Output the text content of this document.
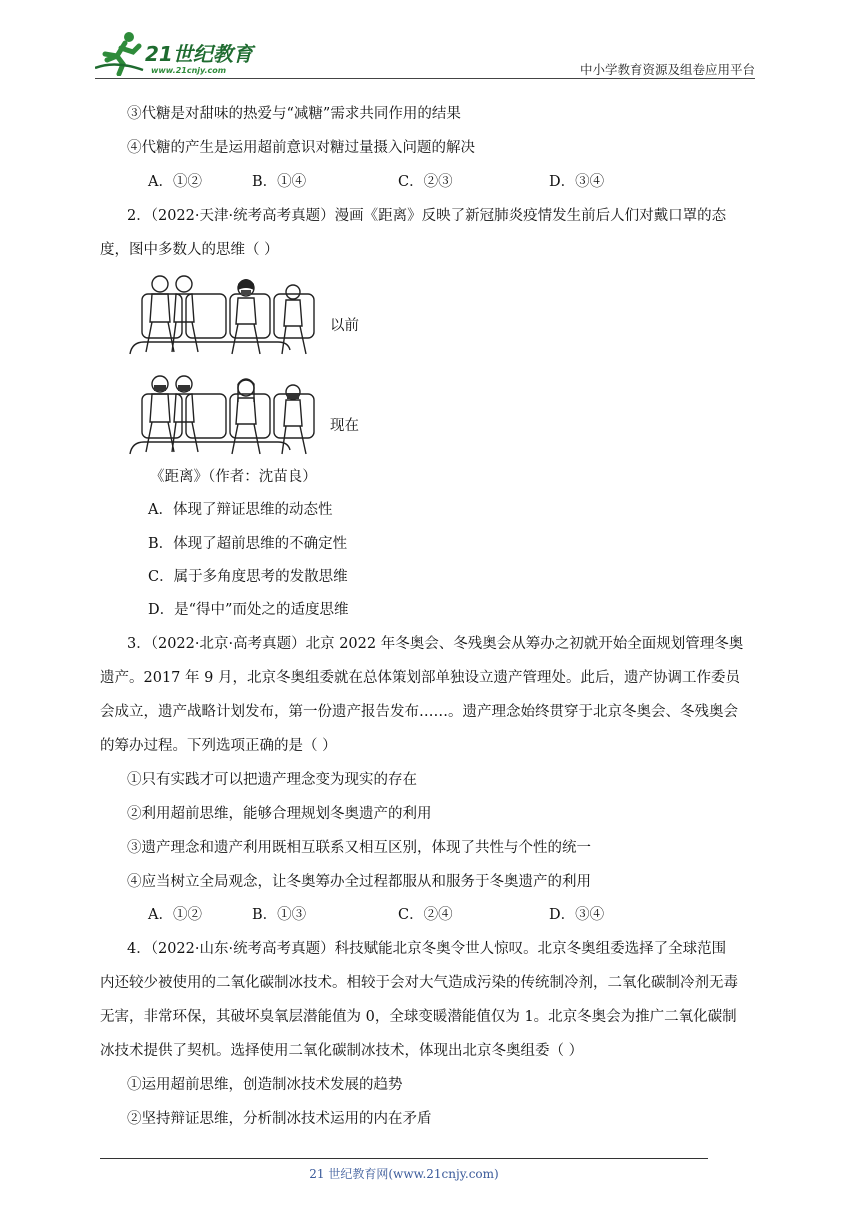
21世纪教育
www.21cnjy.com	中小学教育资源及组卷应用平台
③代糖是对甜味的热爱与“减糖”需求共同作用的结果
④代糖的产生是运用超前意识对糖过量摄入问题的解决
A．①②	B．①④	C．②③	D．③④
2．（2022·天津·统考高考真题）漫画《距离》反映了新冠肺炎疫情发生前后人们对戴口罩的态
度，图中多数人的思维（ ）
以前
现在
《距离》（作者：沈苗良）
A．体现了辩证思维的动态性
B．体现了超前思维的不确定性
C．属于多角度思考的发散思维
D．是“得中”而处之的适度思维
3．（2022·北京·高考真题）北京 2022 年冬奥会、冬残奥会从筹办之初就开始全面规划管理冬奥
遗产。2017 年 9 月，北京冬奥组委就在总体策划部单独设立遗产管理处。此后，遗产协调工作委员
会成立，遗产战略计划发布，第一份遗产报告发布……。遗产理念始终贯穿于北京冬奥会、冬残奥会
的筹办过程。下列选项正确的是（ ）
①只有实践才可以把遗产理念变为现实的存在
②利用超前思维，能够合理规划冬奥遗产的利用
③遗产理念和遗产利用既相互联系又相互区别，体现了共性与个性的统一
④应当树立全局观念，让冬奥筹办全过程都服从和服务于冬奥遗产的利用
A．①②	B．①③	C．②④	D．③④
4．（2022·山东·统考高考真题）科技赋能北京冬奥令世人惊叹。北京冬奥组委选择了全球范围
内还较少被使用的二氧化碳制冰技术。相较于会对大气造成污染的传统制冷剂，二氧化碳制冷剂无毒
无害，非常环保，其破坏臭氧层潜能值为 0，全球变暖潜能值仅为 1。北京冬奥会为推广二氧化碳制
冰技术提供了契机。选择使用二氧化碳制冰技术，体现出北京冬奥组委（ ）
①运用超前思维，创造制冰技术发展的趋势
②坚持辩证思维，分析制冰技术运用的内在矛盾
21 世纪教育网(www.21cnjy.com)
